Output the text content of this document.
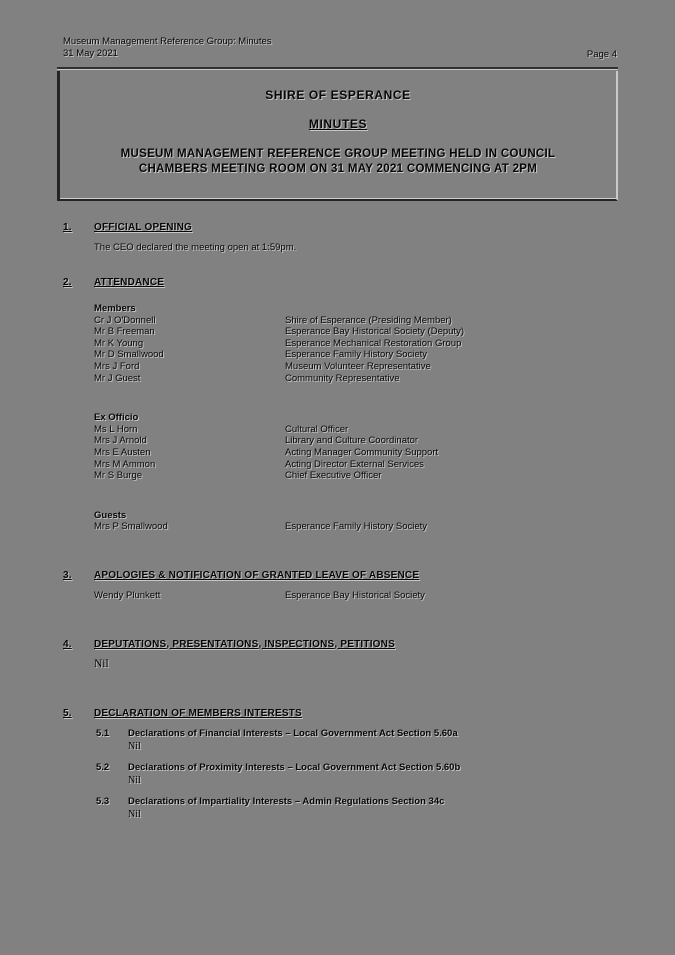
Museum Management Reference Group: Minutes
31 May 2021	Page 4
SHIRE OF ESPERANCE
MINUTES
MUSEUM MANAGEMENT REFERENCE GROUP MEETING HELD IN COUNCIL
CHAMBERS MEETING ROOM ON 31 MAY 2021 COMMENCING AT 2PM
1.	OFFICIAL OPENING
The CEO declared the meeting open at 1:59pm.
2.	ATTENDANCE
Members
Cr J O'Donnell	Shire of Esperance (Presiding Member)
Mr B Freeman	Esperance Bay Historical Society (Deputy)
Mr K Young	Esperance Mechanical Restoration Group
Mr D Smallwood	Esperance Family History Society
Mrs J Ford	Museum Volunteer Representative
Mr J Guest	Community Representative
Ex Officio
Ms L Horn	Cultural Officer
Mrs J Arnold	Library and Culture Coordinator
Mrs E Austen	Acting Manager Community Support
Mrs M Ammon	Acting Director External Services
Mr S Burge	Chief Executive Officer
Guests
Mrs P Smallwood	Esperance Family History Society
3.	APOLOGIES & NOTIFICATION OF GRANTED LEAVE OF ABSENCE
Wendy Plunkett	Esperance Bay Historical Society
4.	DEPUTATIONS, PRESENTATIONS, INSPECTIONS, PETITIONS
Nil
5.	DECLARATION OF MEMBERS INTERESTS
5.1	Declarations of Financial Interests – Local Government Act Section 5.60a
Nil
5.2	Declarations of Proximity Interests – Local Government Act Section 5.60b
Nil
5.3	Declarations of Impartiality Interests – Admin Regulations Section 34c
Nil
